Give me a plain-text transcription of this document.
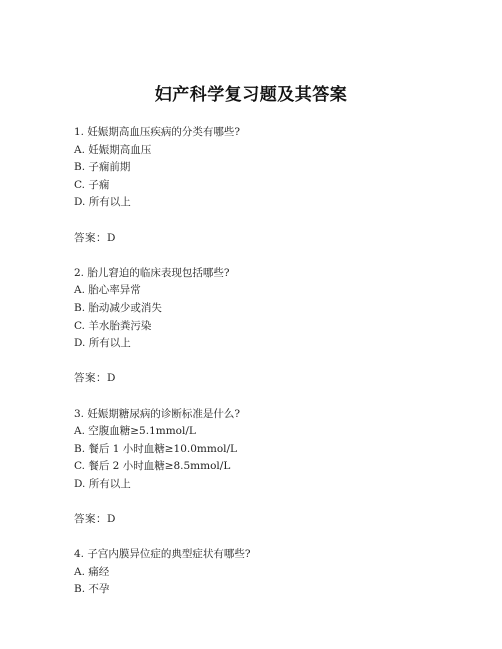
妇产科学复习题及其答案
1. 妊娠期高血压疾病的分类有哪些?
A. 妊娠期高血压
B. 子痫前期
C. 子痫
D. 所有以上
答案：D
2. 胎儿窘迫的临床表现包括哪些?
A. 胎心率异常
B. 胎动减少或消失
C. 羊水胎粪污染
D. 所有以上
答案：D
3. 妊娠期糖尿病的诊断标准是什么?
A. 空腹血糖≥5.1mmol/L
B. 餐后 1 小时血糖≥10.0mmol/L
C. 餐后 2 小时血糖≥8.5mmol/L
D. 所有以上
答案：D
4. 子宫内膜异位症的典型症状有哪些?
A. 痛经
B. 不孕
